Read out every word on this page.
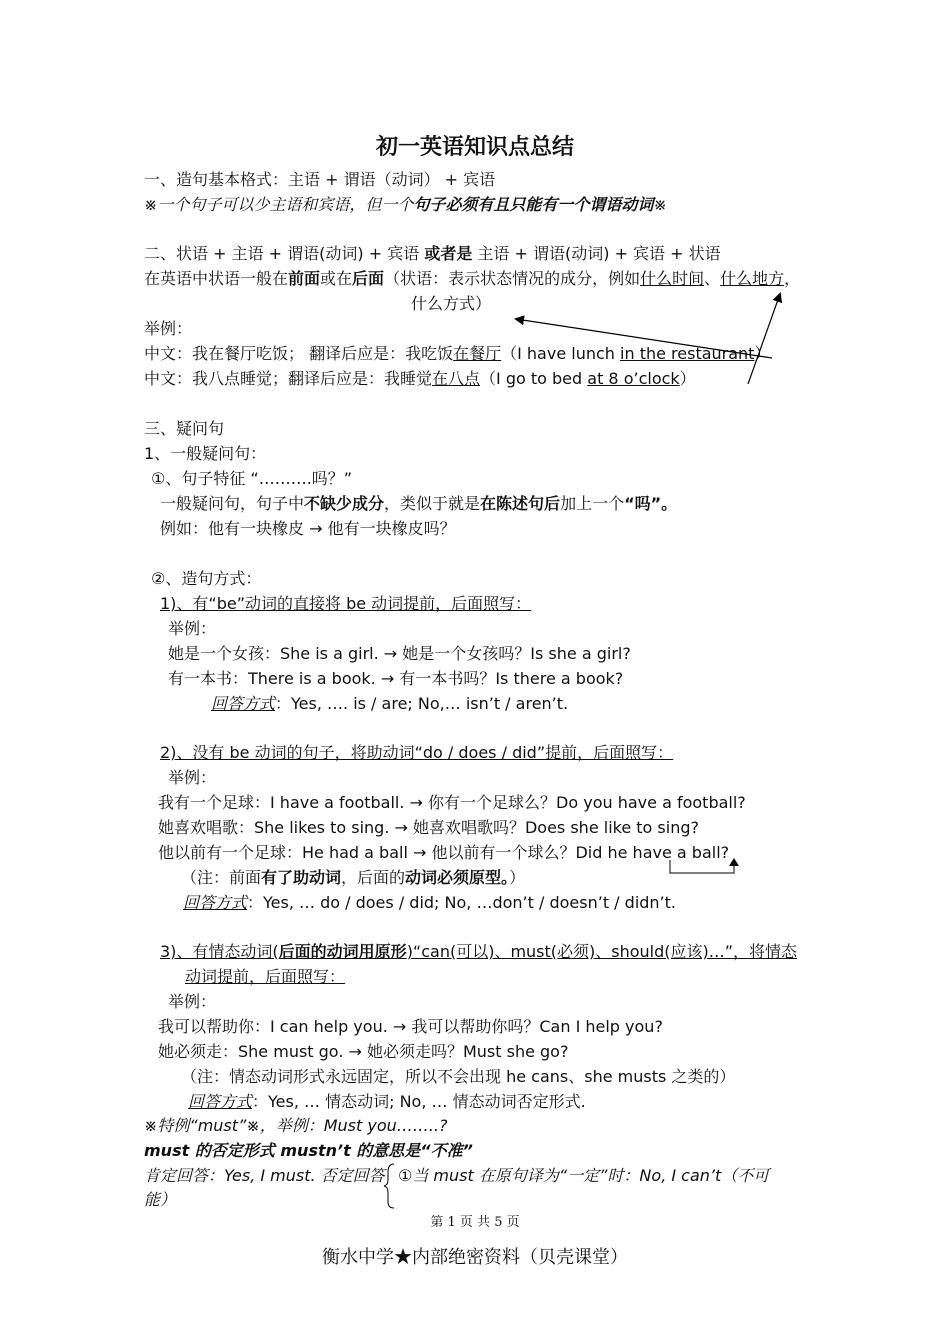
初一英语知识点总结
一、造句基本格式：主语 + 谓语（动词） + 宾语
※一个句子可以少主语和宾语，但一个句子必须有且只能有一个谓语动词※
二、状语 + 主语 + 谓语(动词) + 宾语 或者是 主语 + 谓语(动词) + 宾语 + 状语
在英语中状语一般在前面或在后面（状语：表示状态情况的成分，例如什么时间、什么地方，
什么方式）
举例：
中文：我在餐厅吃饭； 翻译后应是：我吃饭在餐厅（I have lunch in the restaurant）
中文：我八点睡觉；翻译后应是：我睡觉在八点（I go to bed at 8 o’clock）
三、疑问句
1、一般疑问句：
①、句子特征 “……….吗？”
一般疑问句，句子中不缺少成分，类似于就是在陈述句后加上一个“吗”。
例如：他有一块橡皮 → 他有一块橡皮吗？
②、造句方式：
1)、有“be”动词的直接将 be 动词提前，后面照写：
举例：
她是一个女孩：She is a girl. → 她是一个女孩吗？Is she a girl?
有一本书：There is a book. → 有一本书吗？Is there a book?
回答方式：Yes, …. is / are; No,… isn’t / aren’t.
2)、没有 be 动词的句子，将助动词“do / does / did”提前，后面照写：
举例：
我有一个足球：I have a football. → 你有一个足球么？Do you have a football?
她喜欢唱歌：She likes to sing. → 她喜欢唱歌吗？Does she like to sing?
他以前有一个足球：He had a ball → 他以前有一个球么？Did he have a ball?
（注：前面有了助动词，后面的动词必须原型。）
回答方式：Yes, … do / does / did; No, …don’t / doesn’t / didn’t.
3)、有情态动词(后面的动词用原形)“can(可以)、must(必须)、should(应该)…”，将情态
动词提前，后面照写：
举例：
我可以帮助你：I can help you. → 我可以帮助你吗？Can I help you?
她必须走：She must go. → 她必须走吗？Must she go?
（注：情态动词形式永远固定，所以不会出现 he cans、she musts 之类的）
回答方式：Yes, … 情态动词; No, … 情态动词否定形式.
※特例“must”※，举例：Must you……..?
must 的否定形式 mustn’t 的意思是“不准”
肯定回答：Yes, I must. 否定回答 ①当 must 在原句译为“一定”时：No, I can’t（不可
能）
第 1 页 共 5 页
衡水中学★内部绝密资料（贝壳课堂）
